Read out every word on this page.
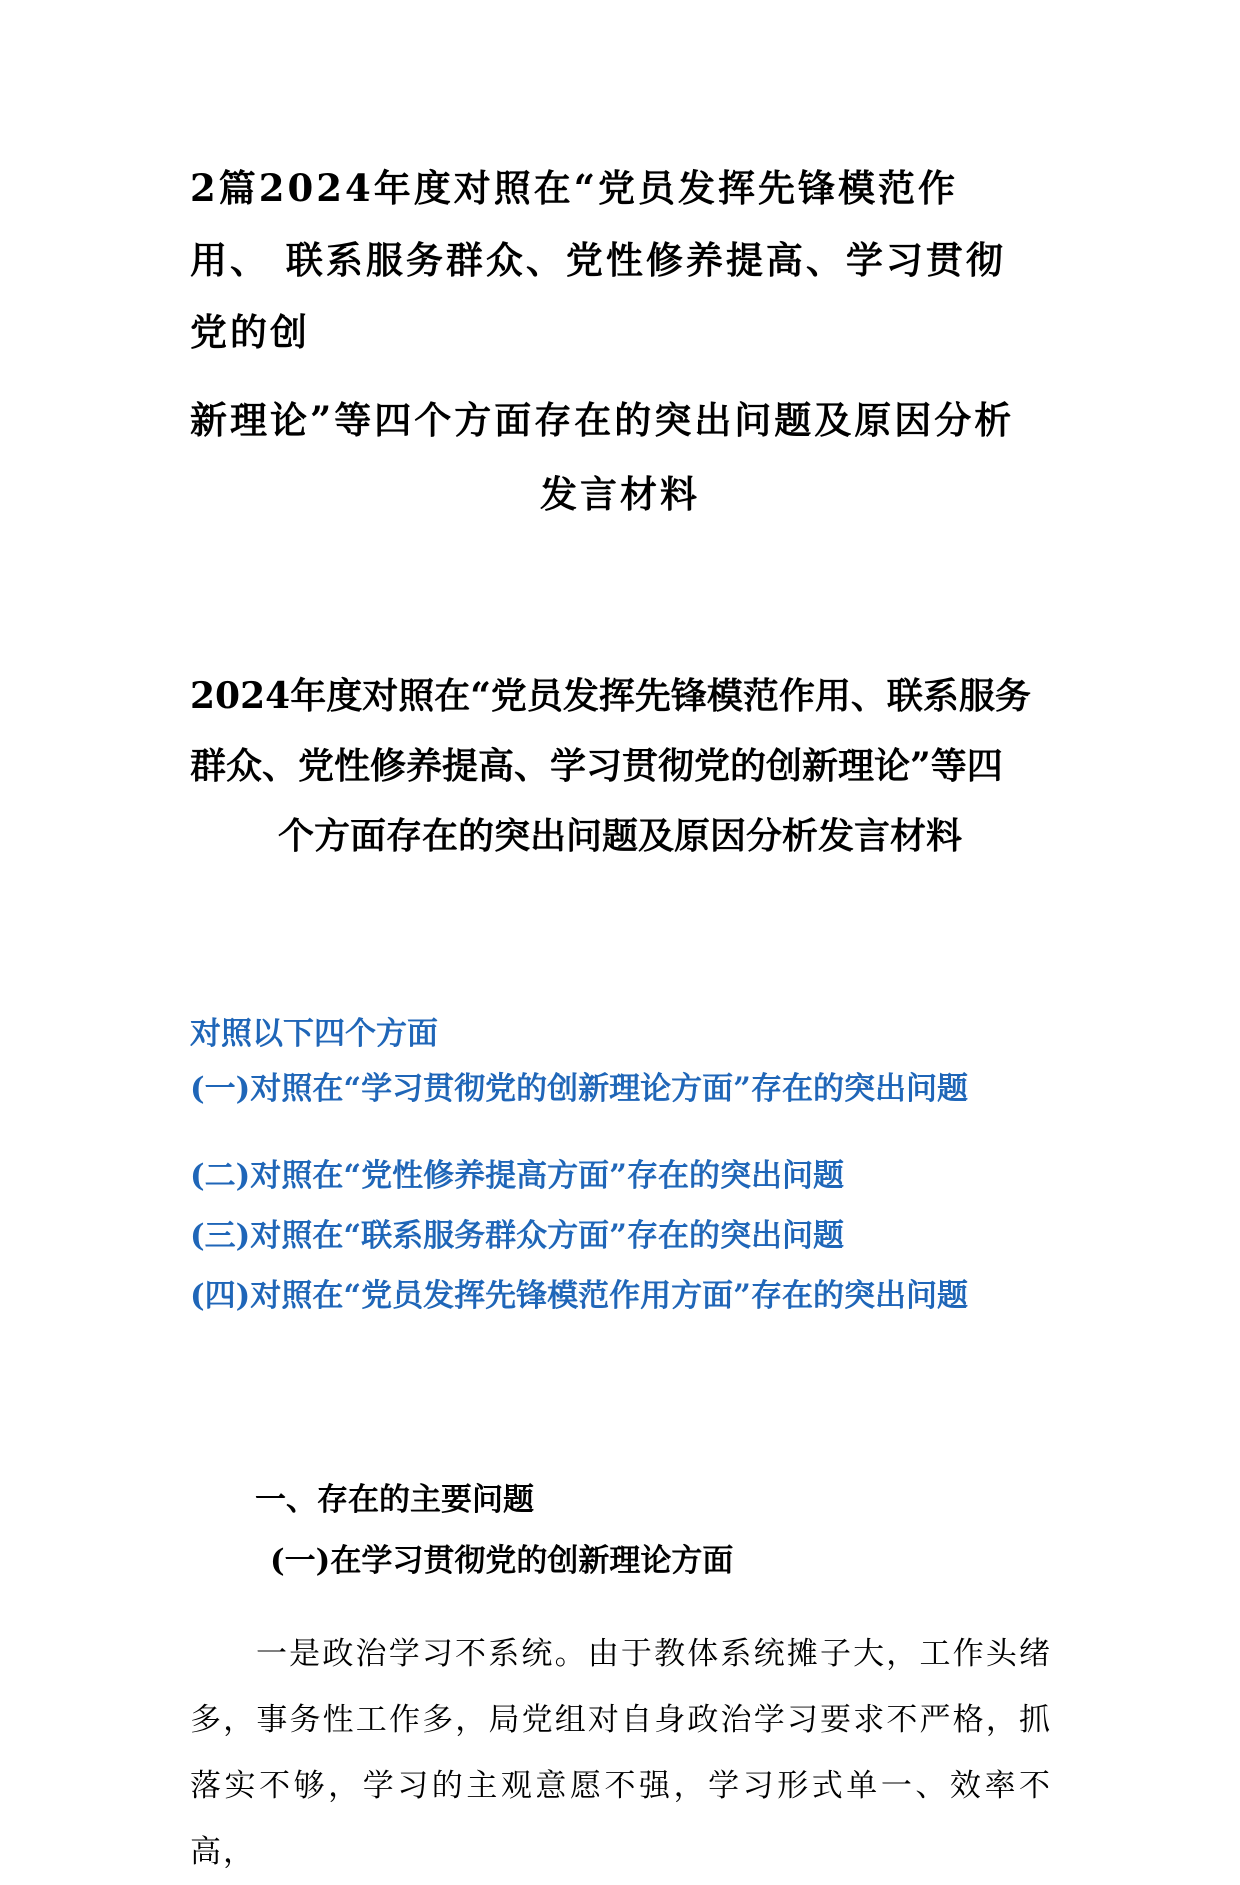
2篇2024年度对照在“党员发挥先锋模范作
用、 联系服务群众、党性修养提高、学习贯彻
党的创
新理论”等四个方面存在的突出问题及原因分析
发言材料
2024年度对照在“党员发挥先锋模范作用、联系服务
群众、党性修养提高、学习贯彻党的创新理论”等四
个方面存在的突出问题及原因分析发言材料
对照以下四个方面
(一)对照在“学习贯彻党的创新理论方面”存在的突出问题
(二)对照在“党性修养提高方面”存在的突出问题
(三)对照在“联系服务群众方面”存在的突出问题
(四)对照在“党员发挥先锋模范作用方面”存在的突出问题
一、存在的主要问题
(一)在学习贯彻党的创新理论方面

一是政治学习不系统。由于教体系统摊子大，工作头绪多，事务性工作多，局党组对自身政治学习要求不严格，抓落实不够，学习的主观意愿不强，学习形式单一、效率不高，
